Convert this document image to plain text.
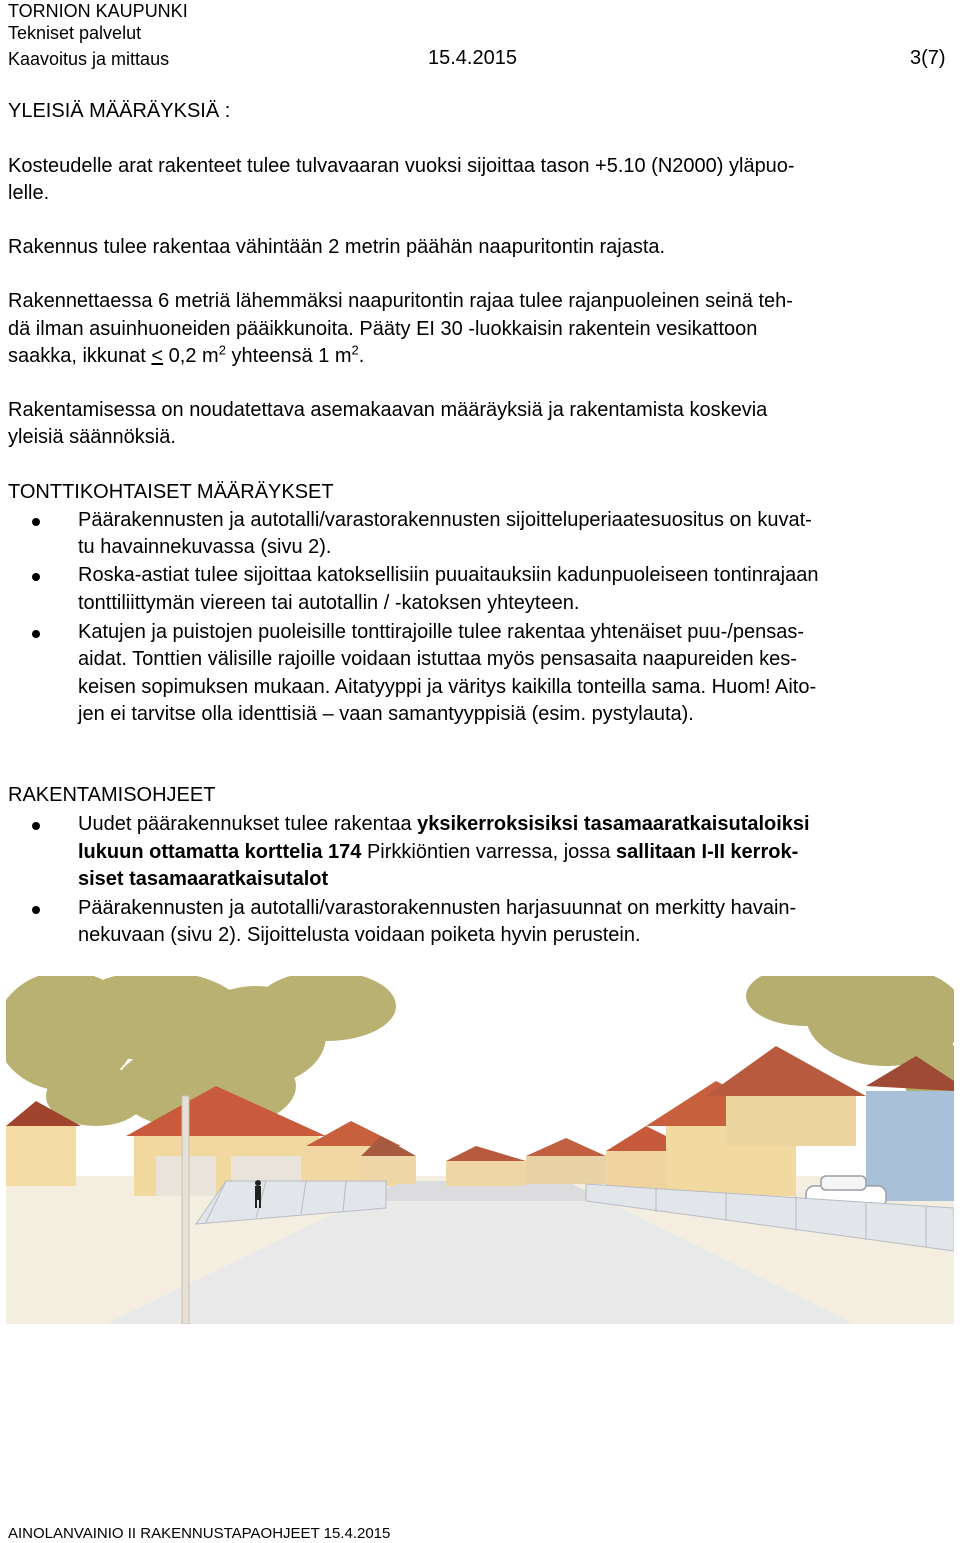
TORNION KAUPUNKI
Tekniset palvelut
Kaavoitus ja mittaus	15.4.2015	3(7)
YLEISIÄ MÄÄRÄYKSIÄ :
Kosteudelle arat rakenteet tulee tulvavaaran vuoksi sijoittaa tason +5.10 (N2000) yläpuo-
lelle.
Rakennus tulee rakentaa vähintään 2 metrin päähän naapuritontin rajasta.
Rakennettaessa 6 metriä lähemmäksi naapuritontin rajaa tulee rajanpuoleinen seinä teh-
dä ilman asuinhuoneiden pääikkunoita. Pääty EI 30 -luokkaisin rakentein vesikattoon
saakka, ikkunat < 0,2 $m^2$ yhteensä 1 $m^2$.
Rakentamisessa on noudatettava asemakaavan määräyksiä ja rakentamista koskevia
yleisiä säännöksiä.
TONTTIKOHTAISET MÄÄRÄYKSET
Päärakennusten ja autotalli/varastorakennusten sijoitteluperiaatesuositus on kuvat-
tu havainnekuvassa (sivu 2).
Roska-astiat tulee sijoittaa katoksellisiin puuaitauksiin kadunpuoleiseen tontinrajaan
tonttiliittymän viereen tai autotallin / -katoksen yhteyteen.
Katujen ja puistojen puoleisille tonttirajoille tulee rakentaa yhtenäiset puu-/pensas-
aidat. Tonttien välisille rajoille voidaan istuttaa myös pensasaita naapureiden kes-
keisen sopimuksen mukaan. Aitatyyppi ja väritys kaikilla tonteilla sama. Huom! Aito-
jen ei tarvitse olla identtisiä – vaan samantyyppisiä (esim. pystylauta).
RAKENTAMISOHJEET
Uudet päärakennukset tulee rakentaa yksikerroksisiksi tasamaaratkaisutaloiksi
lukuun ottamatta korttelia 174 Pirkkiöntien varressa, jossa sallitaan I-II kerrok-
siset tasamaaratkaisutalot
Päärakennusten ja autotalli/varastorakennusten harjasuunnat on merkitty havain-
nekuvaan (sivu 2). Sijoittelusta voidaan poiketa hyvin perustein.
AINOLANVAINIO II RAKENNUSTAPAOHJEET 15.4.2015
